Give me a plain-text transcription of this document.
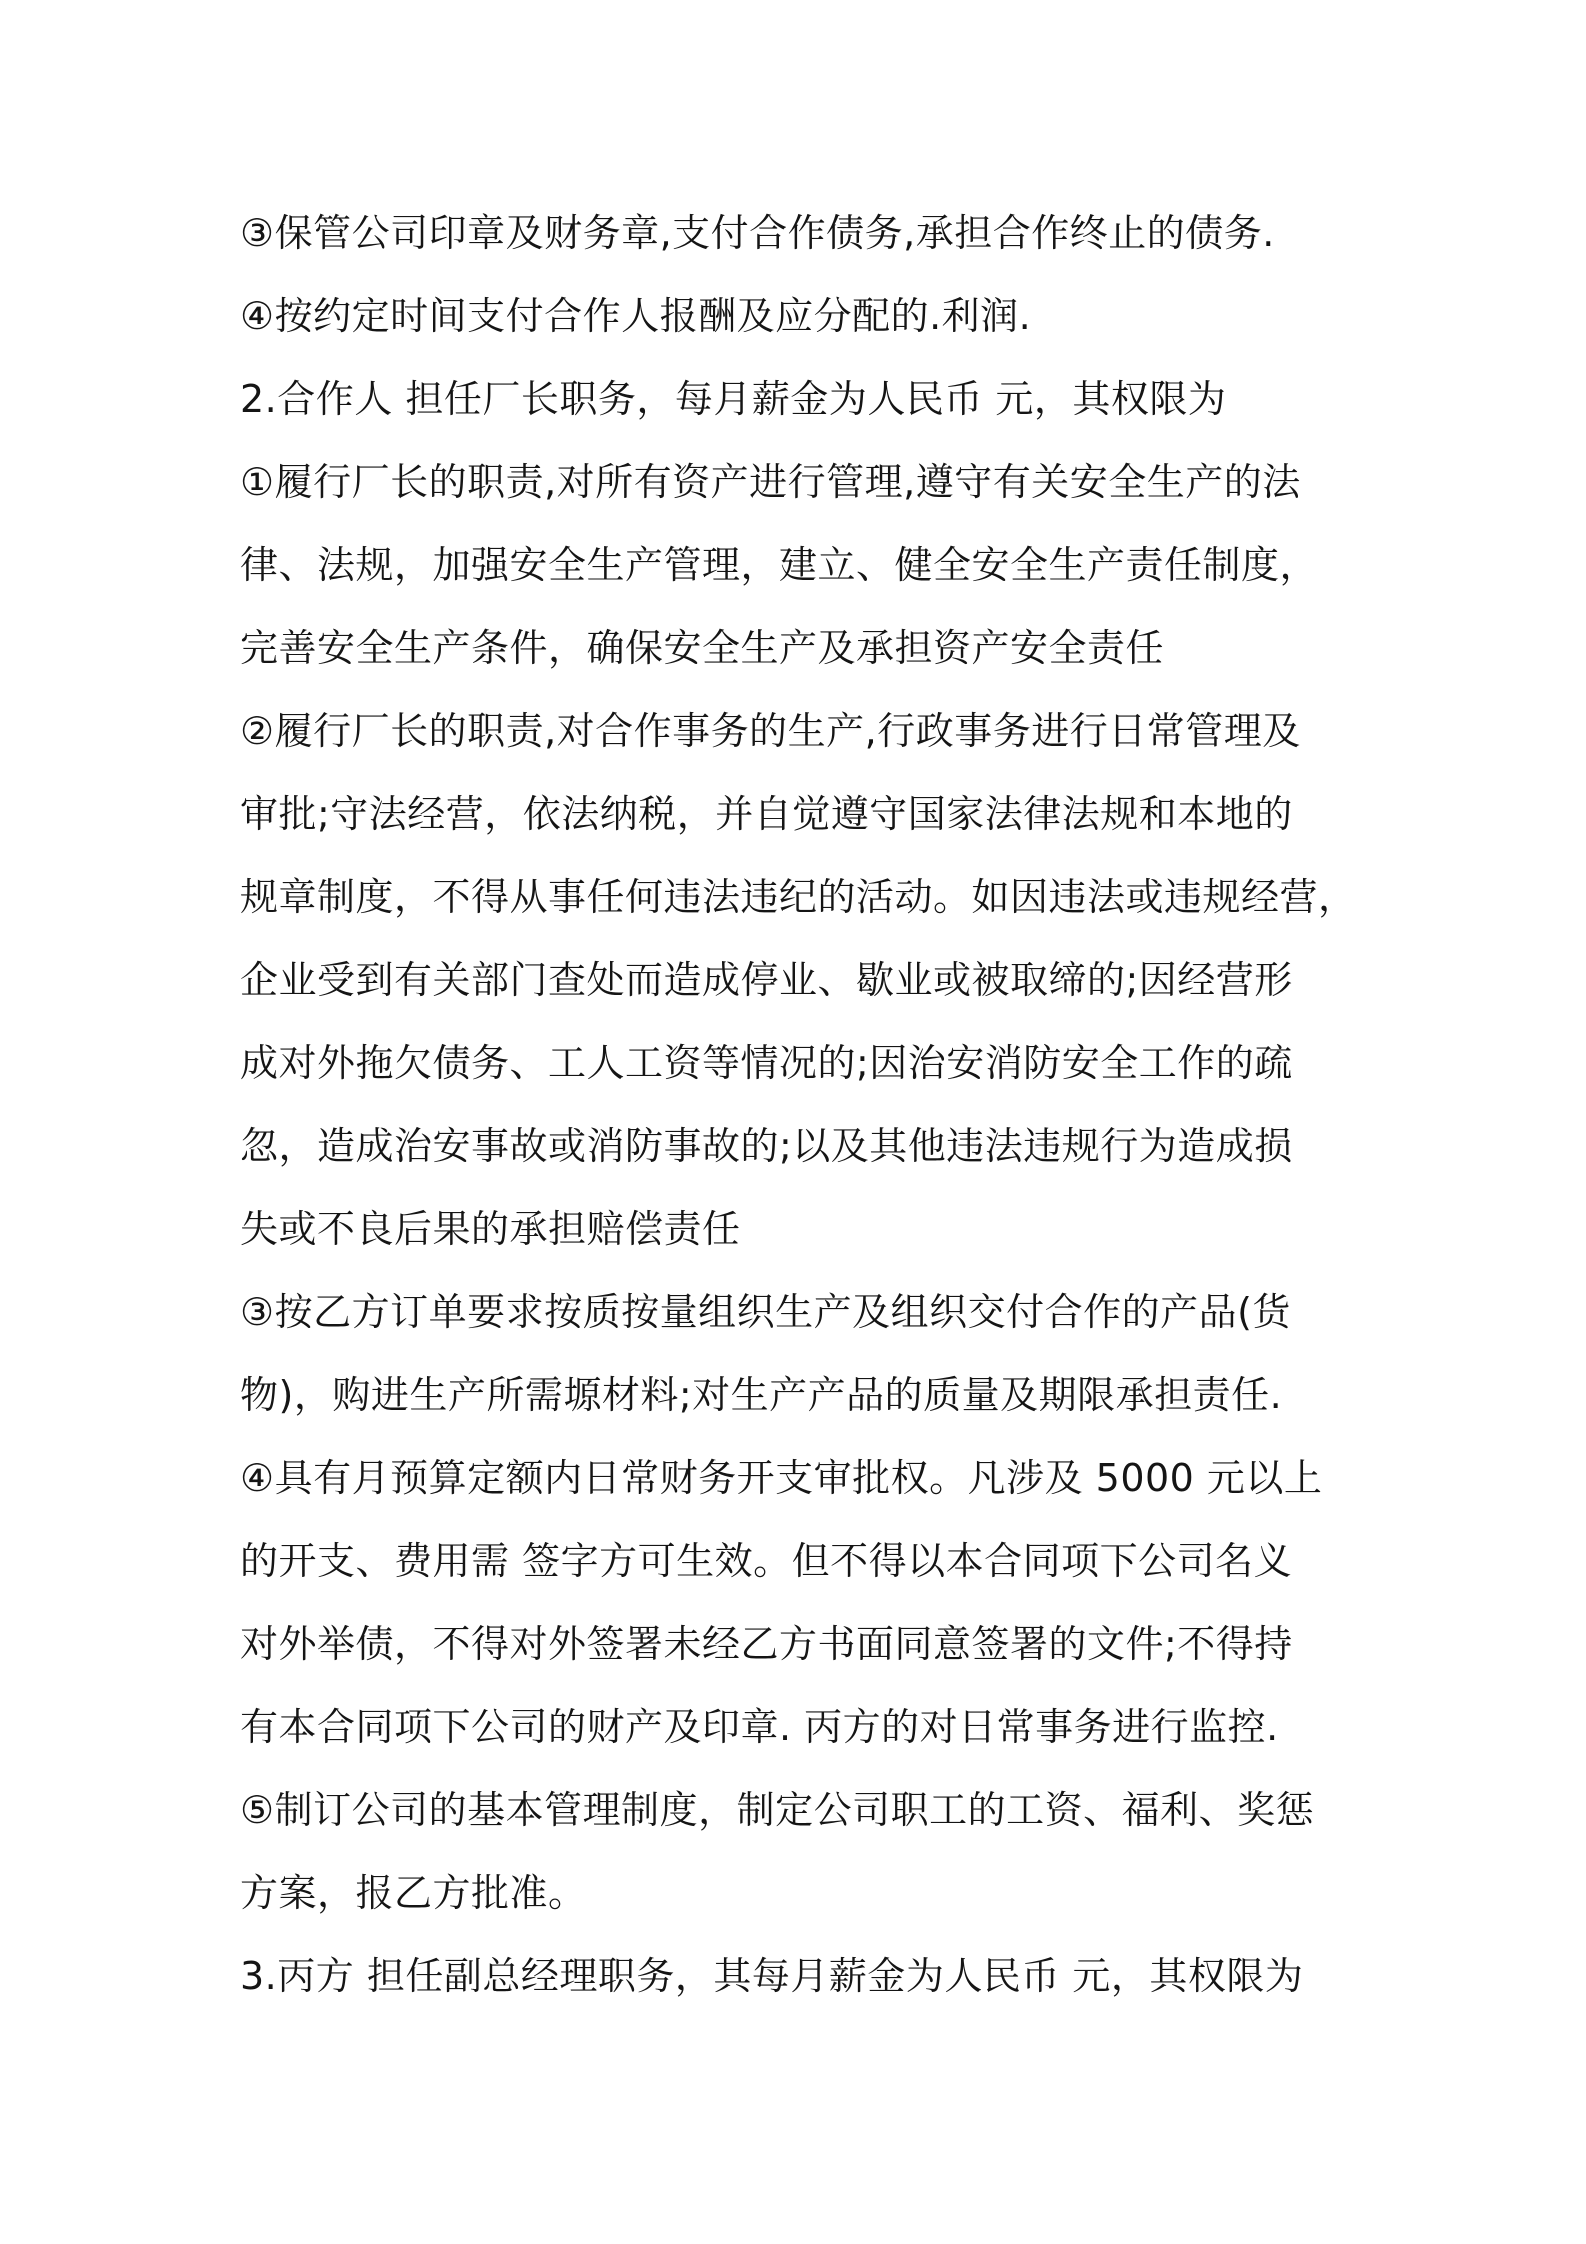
③保管公司印章及财务章,支付合作债务,承担合作终止的债务.
④按约定时间支付合作人报酬及应分配的.利润.
2.合作人 担任厂长职务，每月薪金为人民币 元，其权限为
①履行厂长的职责,对所有资产进行管理,遵守有关安全生产的法
律、法规，加强安全生产管理，建立、健全安全生产责任制度，
完善安全生产条件，确保安全生产及承担资产安全责任
②履行厂长的职责,对合作事务的生产,行政事务进行日常管理及
审批;守法经营，依法纳税，并自觉遵守国家法律法规和本地的
规章制度，不得从事任何违法违纪的活动。如因违法或违规经营，
企业受到有关部门查处而造成停业、歇业或被取缔的;因经营形
成对外拖欠债务、工人工资等情况的;因治安消防安全工作的疏
忽，造成治安事故或消防事故的;以及其他违法违规行为造成损
失或不良后果的承担赔偿责任
③按乙方订单要求按质按量组织生产及组织交付合作的产品(货
物)，购进生产所需塬材料;对生产产品的质量及期限承担责任.
④具有月预算定额内日常财务开支审批权。凡涉及 5000 元以上
的开支、费用需 签字方可生效。但不得以本合同项下公司名义
对外举债，不得对外签署未经乙方书面同意签署的文件;不得持
有本合同项下公司的财产及印章. 丙方的对日常事务进行监控.
⑤制订公司的基本管理制度，制定公司职工的工资、福利、奖惩
方案，报乙方批准。
3.丙方 担任副总经理职务，其每月薪金为人民币 元，其权限为
